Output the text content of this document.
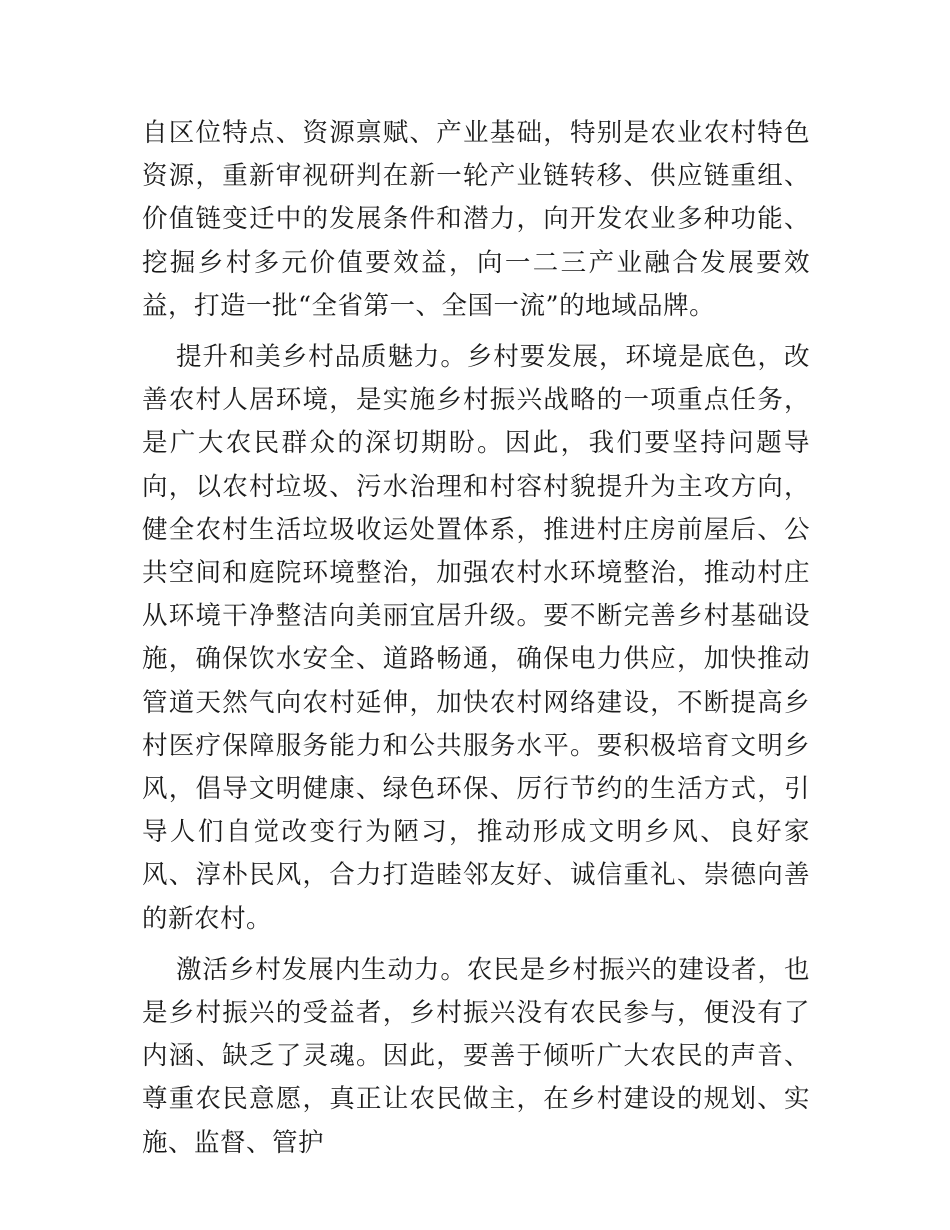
自区位特点、资源禀赋、产业基础，特别是农业农村特色资源，重新审视研判在新一轮产业链转移、供应链重组、价值链变迁中的发展条件和潜力，向开发农业多种功能、挖掘乡村多元价值要效益，向一二三产业融合发展要效益，打造一批“全省第一、全国一流”的地域品牌。

提升和美乡村品质魅力。乡村要发展，环境是底色，改善农村人居环境，是实施乡村振兴战略的一项重点任务，是广大农民群众的深切期盼。因此，我们要坚持问题导向，以农村垃圾、污水治理和村容村貌提升为主攻方向，健全农村生活垃圾收运处置体系，推进村庄房前屋后、公共空间和庭院环境整治，加强农村水环境整治，推动村庄从环境干净整洁向美丽宜居升级。要不断完善乡村基础设施，确保饮水安全、道路畅通，确保电力供应，加快推动管道天然气向农村延伸，加快农村网络建设，不断提高乡村医疗保障服务能力和公共服务水平。要积极培育文明乡风，倡导文明健康、绿色环保、厉行节约的生活方式，引导人们自觉改变行为陋习，推动形成文明乡风、良好家风、淳朴民风，合力打造睦邻友好、诚信重礼、崇德向善的新农村。

激活乡村发展内生动力。农民是乡村振兴的建设者，也是乡村振兴的受益者，乡村振兴没有农民参与，便没有了内涵、缺乏了灵魂。因此，要善于倾听广大农民的声音、尊重农民意愿，真正让农民做主，在乡村建设的规划、实施、监督、管护
